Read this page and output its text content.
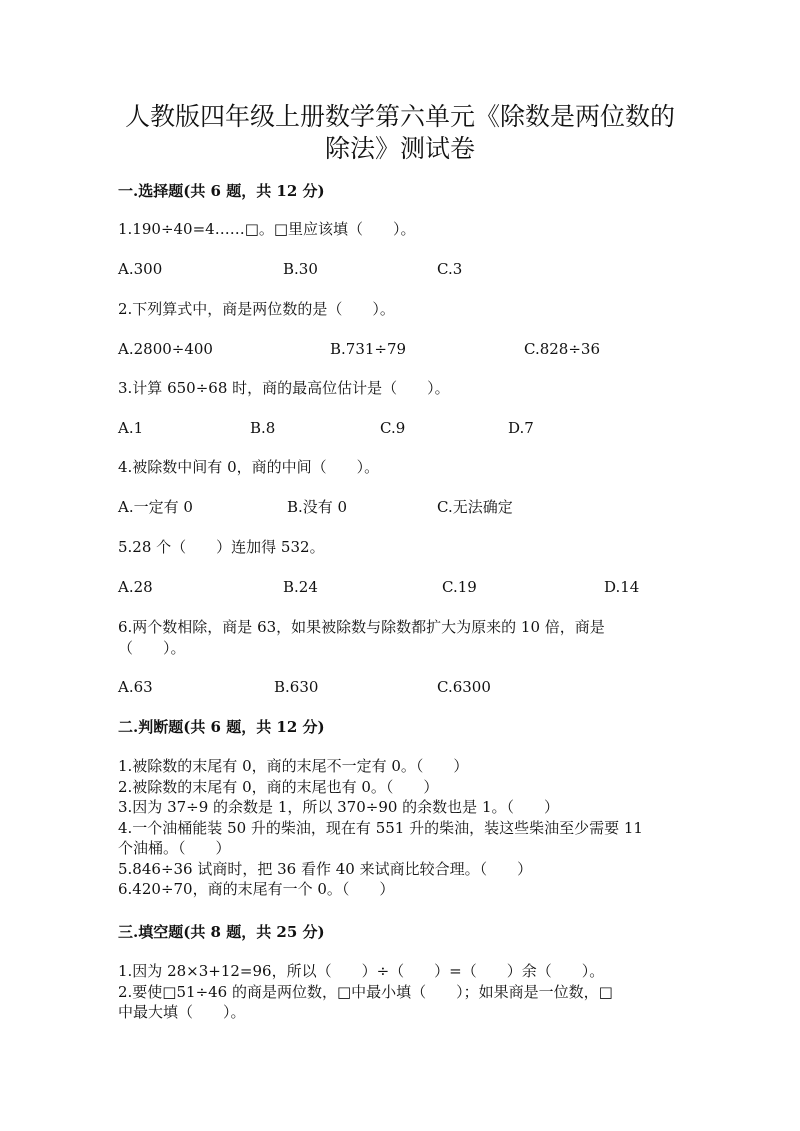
人教版四年级上册数学第六单元《除数是两位数的
除法》测试卷

一.选择题(共 6 题，共 12 分)

1.190÷40=4……□。□里应该填（　　）。

A.300	B.30	C.3

2.下列算式中，商是两位数的是（　　）。

A.2800÷400	B.731÷79	C.828÷36

3.计算 650÷68 时，商的最高位估计是（　　）。

A.1	B.8	C.9	D.7

4.被除数中间有 0，商的中间（　　）。

A.一定有 0	B.没有 0	C.无法确定

5.28 个（　　）连加得 532。

A.28	B.24	C.19	D.14

6.两个数相除，商是 63，如果被除数与除数都扩大为原来的 10 倍，商是

（　　）。

A.63	B.630	C.6300

二.判断题(共 6 题，共 12 分)

1.被除数的末尾有 0，商的末尾不一定有 0。（　　）

2.被除数的末尾有 0，商的末尾也有 0。（　　）

3.因为 37÷9 的余数是 1，所以 370÷90 的余数也是 1。（　　）

4.一个油桶能装 50 升的柴油，现在有 551 升的柴油，装这些柴油至少需要 11

个油桶。（　　）

5.846÷36 试商时，把 36 看作 40 来试商比较合理。（　　）

6.420÷70，商的末尾有一个 0。（　　）

三.填空题(共 8 题，共 25 分)

1.因为 28×3+12=96，所以（　　）÷（　　）=（　　）余（　　）。

2.要使□51÷46 的商是两位数，□中最小填（　　）；如果商是一位数，□

中最大填（　　）。
